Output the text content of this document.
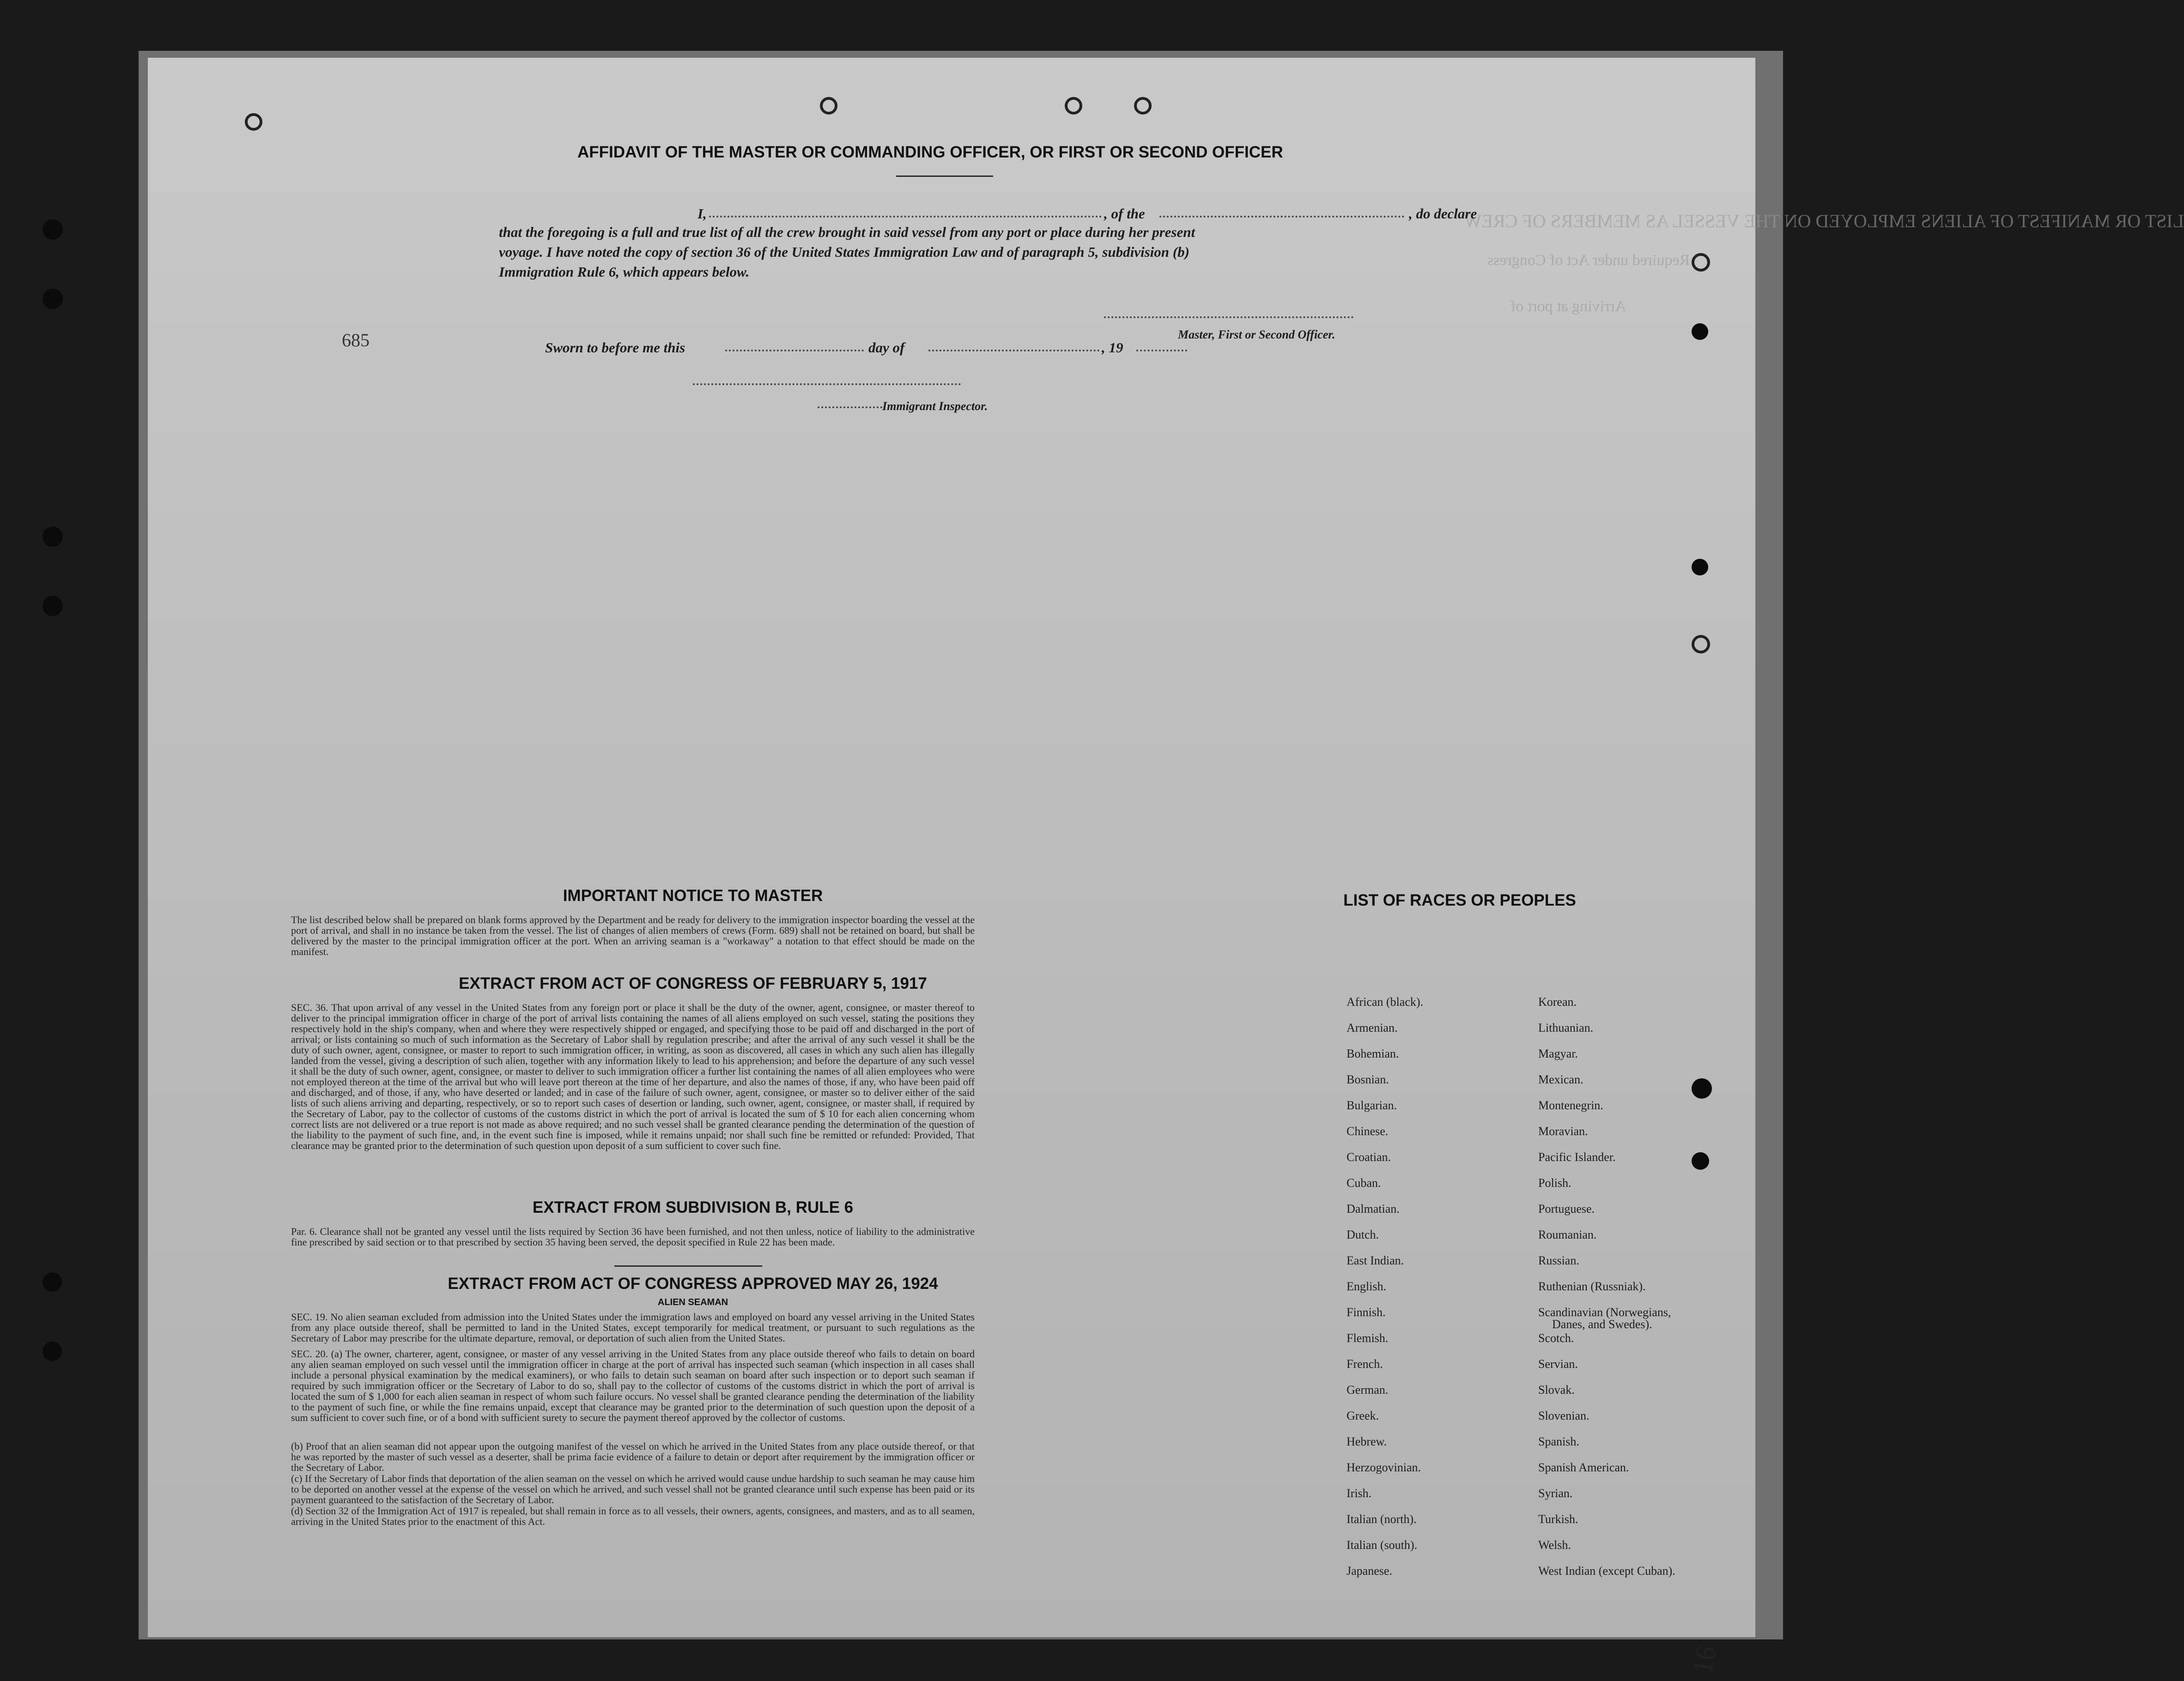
LIST OR MANIFEST OF ALIENS EMPLOYED ON THE VESSEL AS MEMBERS OF CREW
Required under Act of Congress
Arriving at port of
AFFIDAVIT OF THE MASTER OR COMMANDING OFFICER, OR FIRST OR SECOND OFFICER
I,	, of the	, do declare
that the foregoing is a full and true list of all the crew brought in said vessel from any port or place during her present
voyage. I have noted the copy of section 36 of the United States Immigration Law and of paragraph 5, subdivision (b)
Immigration Rule 6, which appears below.
Master, First or Second Officer.
Sworn to before me this	day of	, 19
Immigrant Inspector.
IMPORTANT NOTICE TO MASTER
The list described below shall be prepared on blank forms approved by the Department and be ready for delivery to the immigration inspector boarding the vessel at the port of arrival, and shall in no instance be taken from the vessel. The list of changes of alien members of crews (Form. 689) shall not be retained on board, but shall be delivered by the master to the principal immigration officer at the port. When an arriving seaman is a "workaway" a notation to that effect should be made on the manifest.
EXTRACT FROM ACT OF CONGRESS OF FEBRUARY 5, 1917
SEC. 36. That upon arrival of any vessel in the United States from any foreign port or place it shall be the duty of the owner, agent, consignee, or master thereof to deliver to the principal immigration officer in charge of the port of arrival lists containing the names of all aliens employed on such vessel, stating the positions they respectively hold in the ship's company, when and where they were respectively shipped or engaged, and specifying those to be paid off and discharged in the port of arrival; or lists containing so much of such information as the Secretary of Labor shall by regulation prescribe; and after the arrival of any such vessel it shall be the duty of such owner, agent, consignee, or master to report to such immigration officer, in writing, as soon as discovered, all cases in which any such alien has illegally landed from the vessel, giving a description of such alien, together with any information likely to lead to his apprehension; and before the departure of any such vessel it shall be the duty of such owner, agent, consignee, or master to deliver to such immigration officer a further list containing the names of all alien employees who were not employed thereon at the time of the arrival but who will leave port thereon at the time of her departure, and also the names of those, if any, who have been paid off and discharged, and of those, if any, who have deserted or landed; and in case of the failure of such owner, agent, consignee, or master so to deliver either of the said lists of such aliens arriving and departing, respectively, or so to report such cases of desertion or landing, such owner, agent, consignee, or master shall, if required by the Secretary of Labor, pay to the collector of customs of the customs district in which the port of arrival is located the sum of $ 10 for each alien concerning whom correct lists are not delivered or a true report is not made as above required; and no such vessel shall be granted clearance pending the determination of the question of the liability to the payment of such fine, and, in the event such fine is imposed, while it remains unpaid; nor shall such fine be remitted or refunded: Provided, That clearance may be granted prior to the determination of such question upon deposit of a sum sufficient to cover such fine.
EXTRACT FROM SUBDIVISION B, RULE 6
Par. 6. Clearance shall not be granted any vessel until the lists required by Section 36 have been furnished, and not then unless, notice of liability to the administrative fine prescribed by said section or to that prescribed by section 35 having been served, the deposit specified in Rule 22 has been made.
EXTRACT FROM ACT OF CONGRESS APPROVED MAY 26, 1924
ALIEN SEAMAN
SEC. 19. No alien seaman excluded from admission into the United States under the immigration laws and employed on board any vessel arriving in the United States from any place outside thereof, shall be permitted to land in the United States, except temporarily for medical treatment, or pursuant to such regulations as the Secretary of Labor may prescribe for the ultimate departure, removal, or deportation of such alien from the United States.
SEC. 20. (a) The owner, charterer, agent, consignee, or master of any vessel arriving in the United States from any place outside thereof who fails to detain on board any alien seaman employed on such vessel until the immigration officer in charge at the port of arrival has inspected such seaman (which inspection in all cases shall include a personal physical examination by the medical examiners), or who fails to detain such seaman on board after such inspection or to deport such seaman if required by such immigration officer or the Secretary of Labor to do so, shall pay to the collector of customs of the customs district in which the port of arrival is located the sum of $ 1,000 for each alien seaman in respect of whom such failure occurs. No vessel shall be granted clearance pending the determination of the liability to the payment of such fine, or while the fine remains unpaid, except that clearance may be granted prior to the determination of such question upon the deposit of a sum sufficient to cover such fine, or of a bond with sufficient surety to secure the payment thereof approved by the collector of customs.
(b) Proof that an alien seaman did not appear upon the outgoing manifest of the vessel on which he arrived in the United States from any place outside thereof, or that he was reported by the master of such vessel as a deserter, shall be prima facie evidence of a failure to detain or deport after requirement by the immigration officer or the Secretary of Labor.
(c) If the Secretary of Labor finds that deportation of the alien seaman on the vessel on which he arrived would cause undue hardship to such seaman he may cause him to be deported on another vessel at the expense of the vessel on which he arrived, and such vessel shall not be granted clearance until such expense has been paid or its payment guaranteed to the satisfaction of the Secretary of Labor.
(d) Section 32 of the Immigration Act of 1917 is repealed, but shall remain in force as to all vessels, their owners, agents, consignees, and masters, and as to all seamen, arriving in the United States prior to the enactment of this Act.
LIST OF RACES OR PEOPLES
African (black).	Korean.
Armenian.	Lithuanian.
Bohemian.	Magyar.
Bosnian.	Mexican.
Bulgarian.	Montenegrin.
Chinese.	Moravian.
Croatian.	Pacific Islander.
Cuban.	Polish.
Dalmatian.	Portuguese.
Dutch.	Roumanian.
East Indian.	Russian.
English.	Ruthenian (Russniak).
Finnish.	Scandinavian (Norwegians,
Danes, and Swedes).
Flemish.	Scotch.
French.	Servian.
German.	Slovak.
Greek.	Slovenian.
Hebrew.	Spanish.
Herzogovinian.	Spanish American.
Irish.	Syrian.
Italian (north).	Turkish.
Italian (south).	Welsh.
Japanese.	West Indian (except Cuban).
685
16
